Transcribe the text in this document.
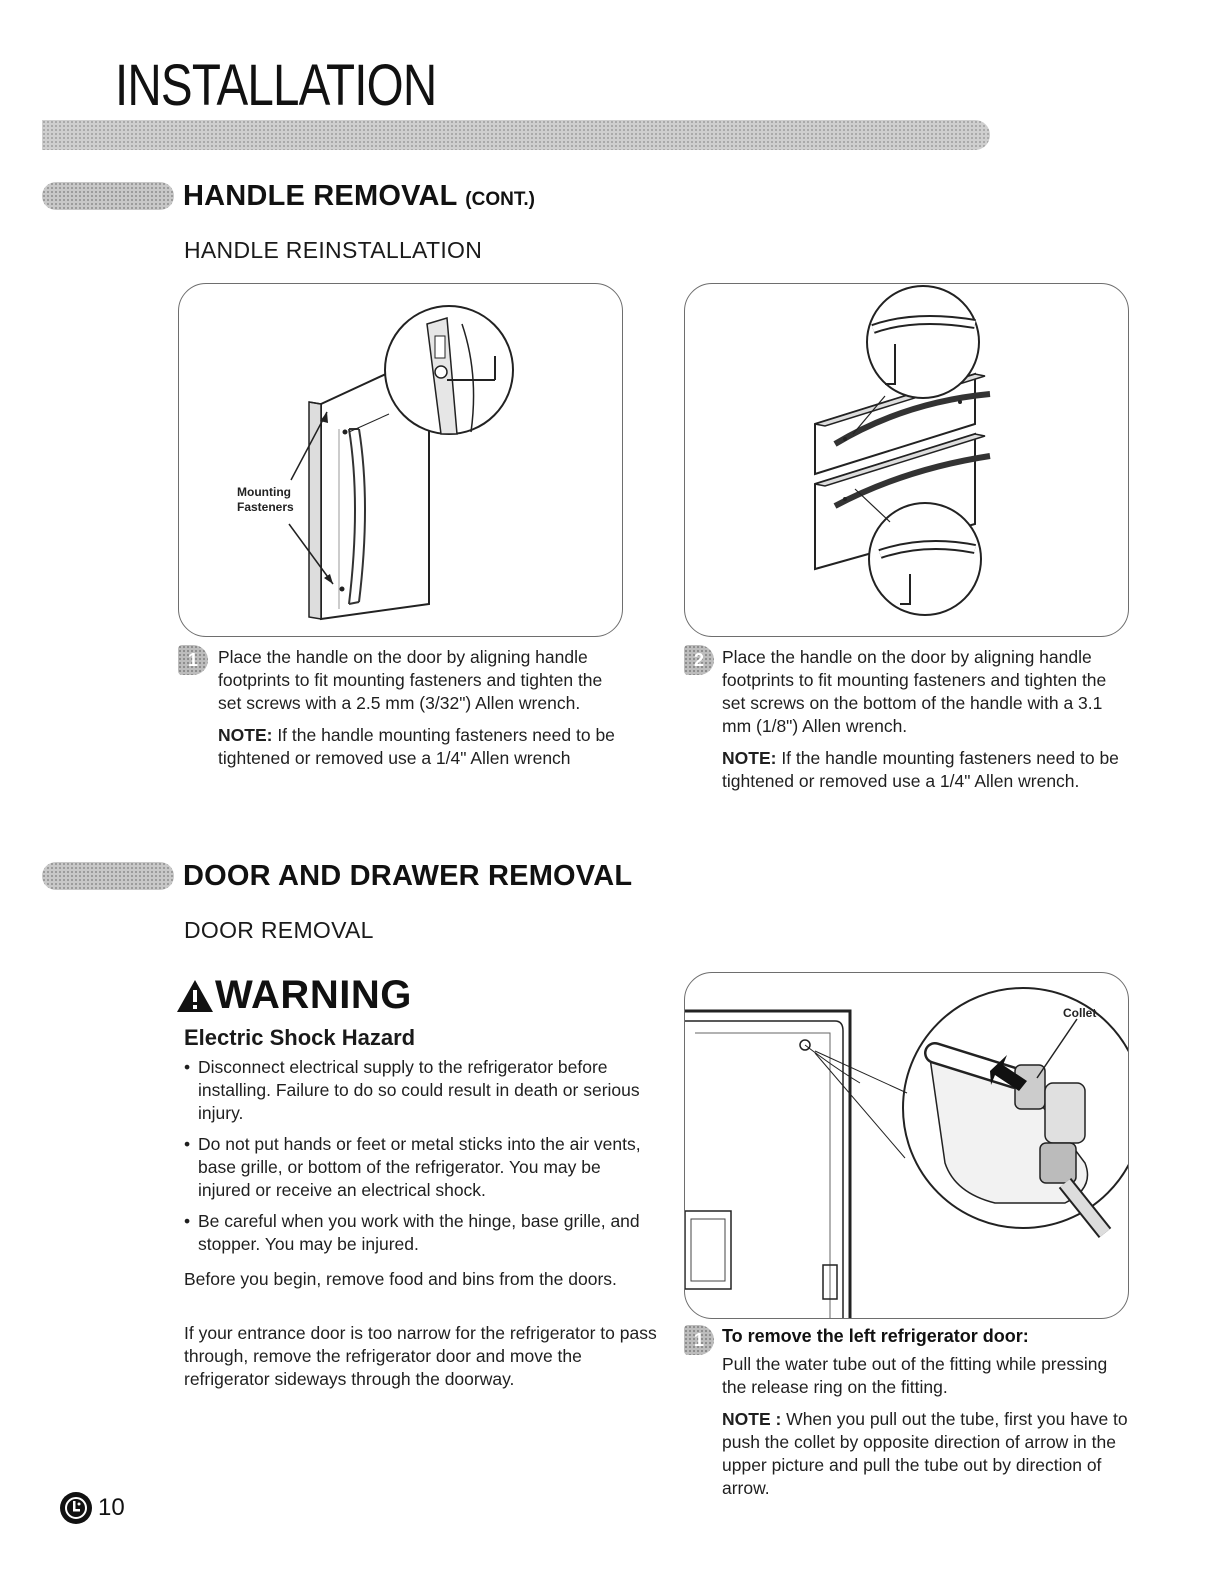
INSTALLATION
HANDLE REMOVAL (CONT.)
HANDLE REINSTALLATION
Mounting
Fasteners
1	Place the handle on the door by aligning handle footprints to fit mounting fasteners and tighten the set screws with a 2.5 mm (3/32") Allen wrench.

NOTE: If the handle mounting fasteners need to be tightened or removed use a 1/4" Allen wrench

2	Place the handle on the door by aligning handle footprints to fit mounting fasteners and tighten the set screws on the bottom of the handle with a 3.1 mm (1/8") Allen wrench.

NOTE: If the handle mounting fasteners need to be tightened or removed use a 1/4" Allen wrench.

DOOR AND DRAWER REMOVAL
DOOR REMOVAL
WARNING
Electric Shock Hazard
• Disconnect electrical supply to the refrigerator before installing. Failure to do so could result in death or serious injury.
• Do not put hands or feet or metal sticks into the air vents, base grille, or bottom of the refrigerator. You may be injured or receive an electrical shock.
• Be careful when you work with the hinge, base grille, and stopper. You may be injured.

Before you begin, remove food and bins from the doors.

If your entrance door is too narrow for the refrigerator to pass through, remove the refrigerator door and move the refrigerator sideways through the doorway.

Collet
1	To remove the left refrigerator door:

Pull the water tube out of the fitting while pressing the release ring on the fitting.

NOTE : When you pull out the tube, first you have to push the collet by opposite direction of arrow in the upper picture and pull the tube out by direction of arrow.

10
